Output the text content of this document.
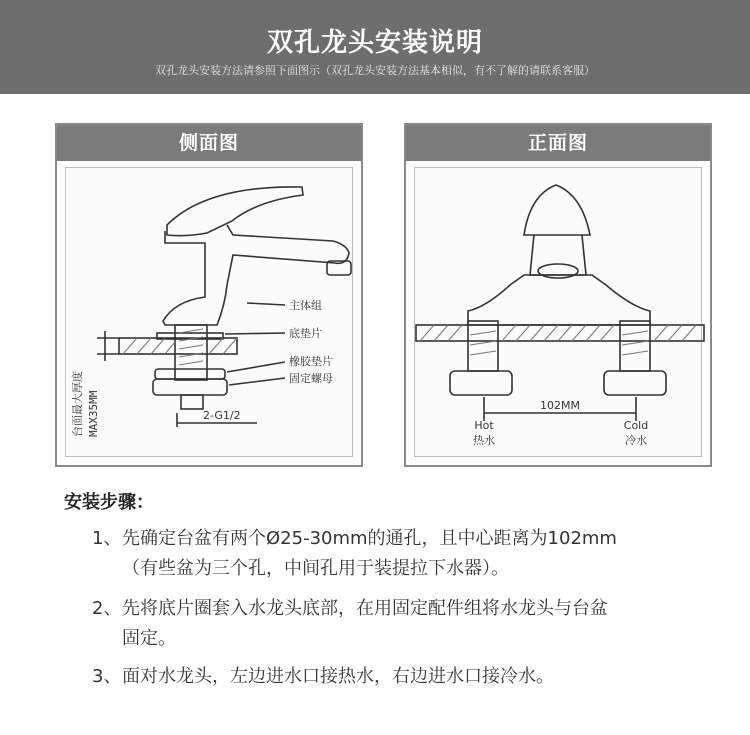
双孔龙头安装说明
双孔龙头安装方法请参照下面图示（双孔龙头安装方法基本相似，有不了解的请联系客服）
侧面图
主体组
底垫片
橡胶垫片
固定螺母
台面最大厚度 MAX35MM	2-G1/2
正面图
102MM
Hot
热水
Cold
冷水
安装步骤：
1、先确定台盆有两个Ø25-30mm的通孔，且中心距离为102mm
（有些盆为三个孔，中间孔用于装提拉下水器）。
2、先将底片圈套入水龙头底部，在用固定配件组将水龙头与台盆
固定。
3、面对水龙头，左边进水口接热水，右边进水口接冷水。
